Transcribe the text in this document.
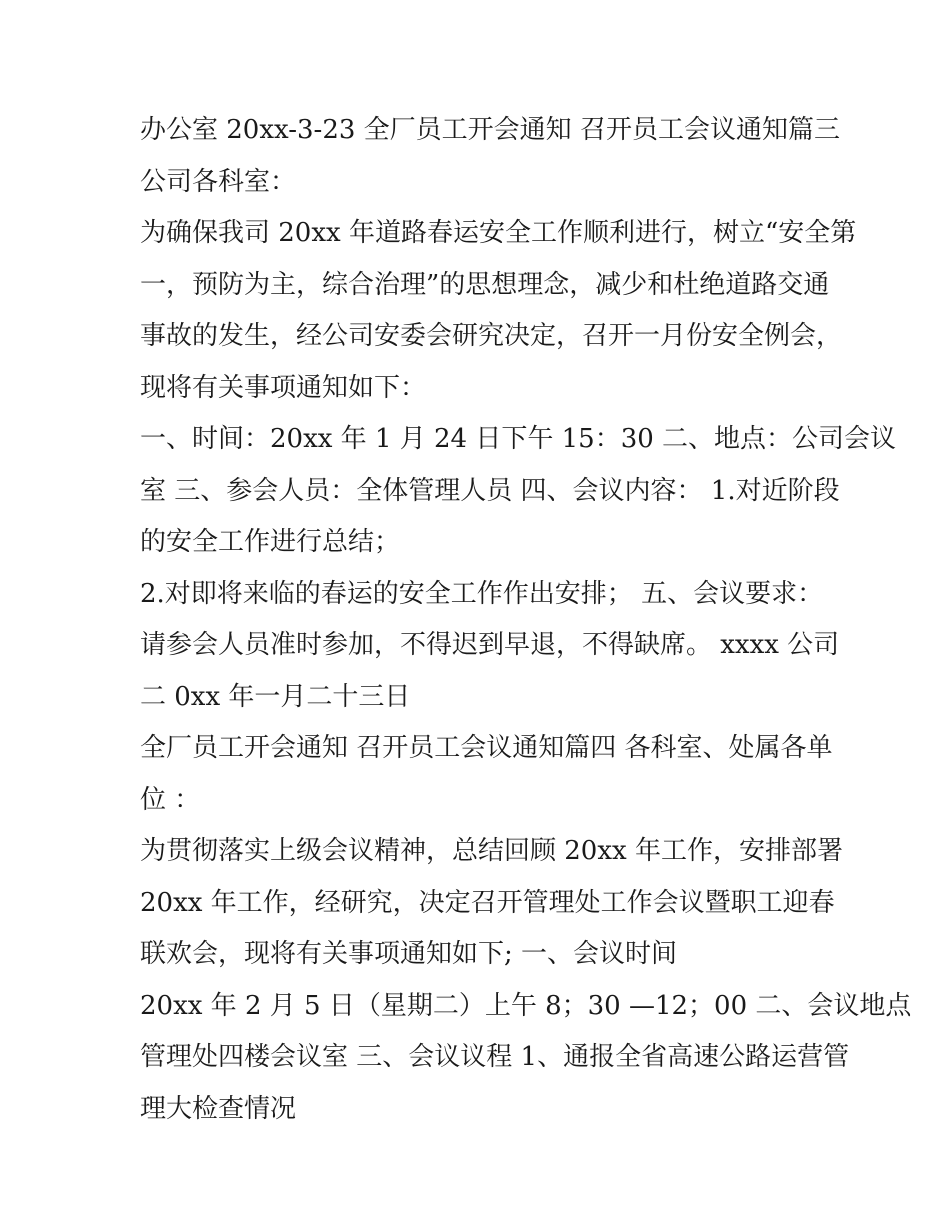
办公室 20xx-3-23 全厂员工开会通知 召开员工会议通知篇三
公司各科室：
为确保我司 20xx 年道路春运安全工作顺利进行，树立“安全第
一，预防为主，综合治理”的思想理念，减少和杜绝道路交通
事故的发生，经公司安委会研究决定，召开一月份安全例会，
现将有关事项通知如下：
一、时间：20xx 年 1 月 24 日下午 15：30 二、地点：公司会议
室 三、参会人员：全体管理人员 四、会议内容： 1.对近阶段
的安全工作进行总结；
2.对即将来临的春运的安全工作作出安排； 五、会议要求：
请参会人员准时参加，不得迟到早退，不得缺席。 xxxx 公司
二 0xx 年一月二十三日
全厂员工开会通知 召开员工会议通知篇四 各科室、处属各单
位 ：
为贯彻落实上级会议精神，总结回顾 20xx 年工作，安排部署
20xx 年工作，经研究，决定召开管理处工作会议暨职工迎春
联欢会，现将有关事项通知如下; 一、会议时间
20xx 年 2 月 5 日（星期二）上午 8；30 —12；00 二、会议地点
管理处四楼会议室 三、会议议程 1、通报全省高速公路运营管
理大检查情况
